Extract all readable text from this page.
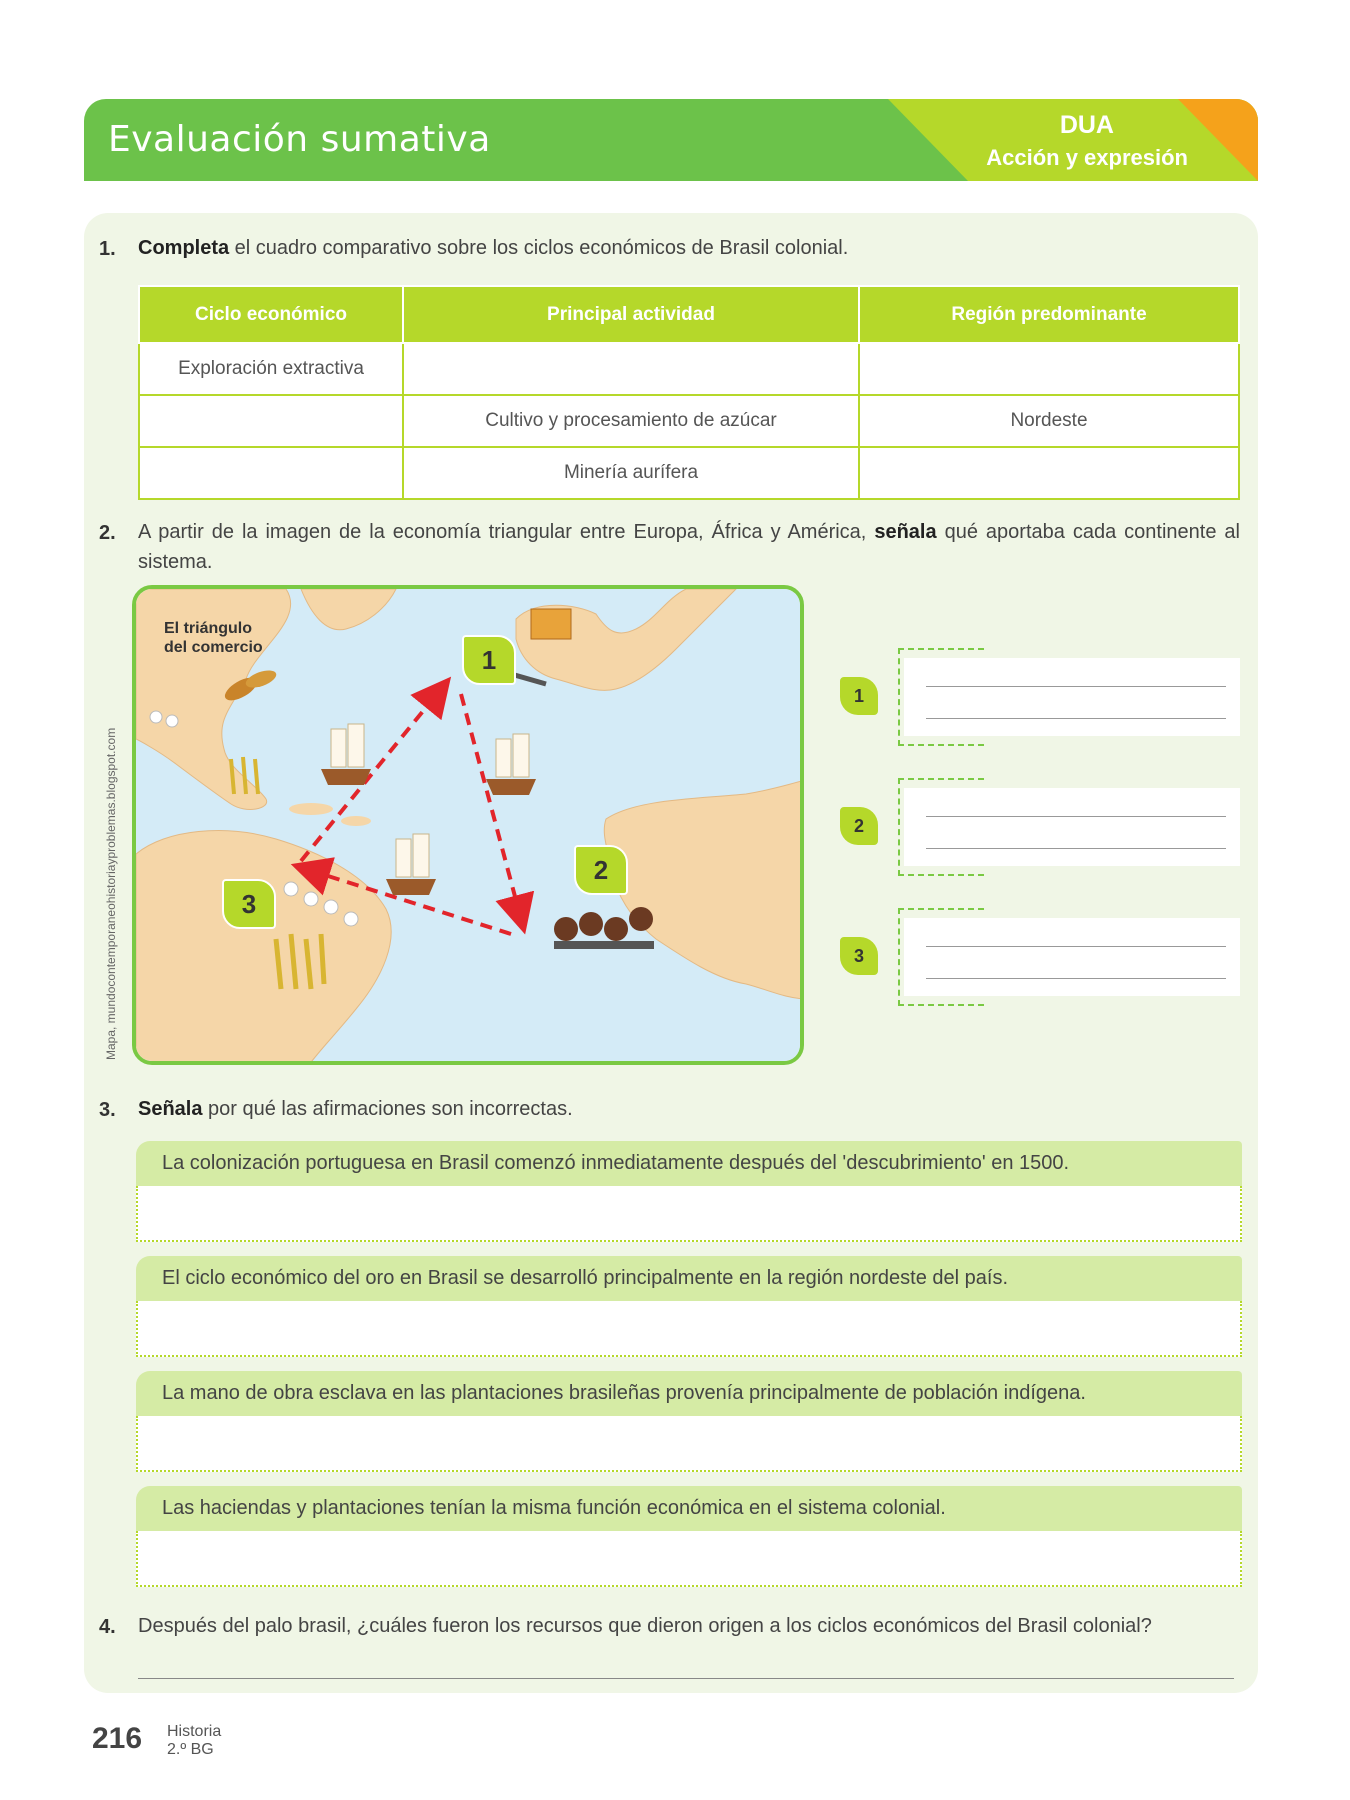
Evaluación sumativa	DUA
Acción y expresión
1. Completa el cuadro comparativo sobre los ciclos económicos de Brasil colonial.
Ciclo económico	Principal actividad	Región predominante
Exploración extractiva		
	Cultivo y procesamiento de azúcar	Nordeste
	Minería aurífera	
2. A partir de la imagen de la economía triangular entre Europa, África y América, señala qué aportaba cada continente al sistema.
Mapa, mundocontemporaneohistoriayproblemas.blogspot.com
El triángulo
del comercio	1
2
3
1
2
3
3. Señala por qué las afirmaciones son incorrectas.
La colonización portuguesa en Brasil comenzó inmediatamente después del 'descubrimiento' en 1500.
El ciclo económico del oro en Brasil se desarrolló principalmente en la región nordeste del país.
La mano de obra esclava en las plantaciones brasileñas provenía principalmente de población indígena.
Las haciendas y plantaciones tenían la misma función económica en el sistema colonial.
4. Después del palo brasil, ¿cuáles fueron los recursos que dieron origen a los ciclos económicos del Brasil colonial?
216 Historia
2.º BG
